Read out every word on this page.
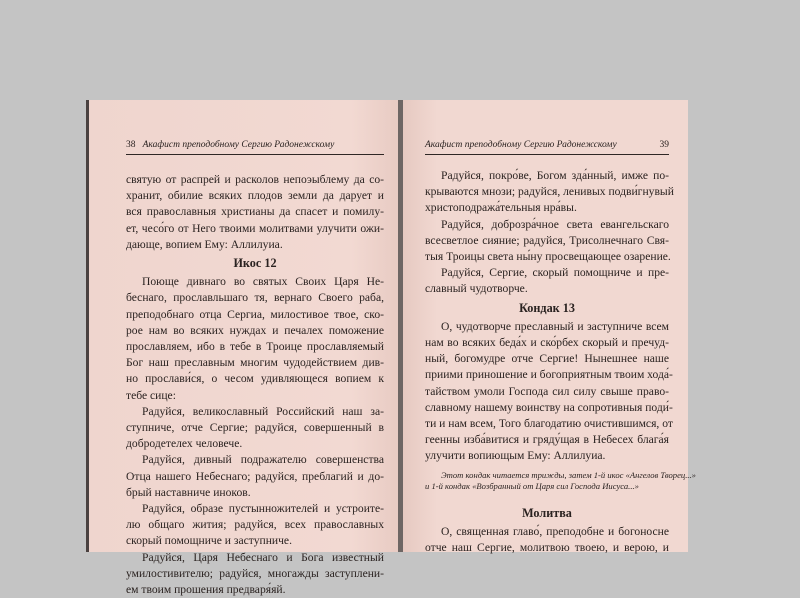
38 Акафист преподобному Сергию Радонежскому
святую от распрей и расколов непоэыблему да со-
хранит, обилие всяких плодов земли да дарует и
вся православныя христианы да спасет и помилу-
ет, чесо́го от Него твоими молитвами улучити ожи-
дающе, вопием Ему: Аллилуиа.
Икос 12
Поюще дивнаго во святых Своих Царя Не-
беснаго, прославльшаго тя, вернаго Своего раба,
преподобнаго отца Сергиа, милостивое твое, ско-
рое нам во всяких нуждах и печалех поможение
прославляем, ибо в тебе в Троице прославляемый
Бог наш преславным многим чудодействием див-
но прослави́ся, о чесом удивляющеся вопием к
тебе сице:
Радуйся, великославный Российский наш за-
ступниче, отче Сергие; радуйся, совершенный в
добродетелех человече.
Радуйся, дивный подражателю совершенства
Отца нашего Небеснаго; радуйся, преблагий и до-
брый наставниче иноков.
Радуйся, образе пустынножителей и устроите-
лю общаго жития; радуйся, всех православных
скорый помощниче и заступниче.
Радуйся, Царя Небеснаго и Бога известный
умилостивителю; радуйся, многажды заступлени-
ем твоим прошения предваря́яй.
Акафист преподобному Сергию Радонежскому	39
Радуйся, покро́ве, Богом зда́нный, имже по-
крываются мнози; радуйся, ленивых подви́гнувый
христоподража́тельныя нра́вы.
Радуйся, доброзра́чное света евангельскаго
всесветлое сияние; радуйся, Трисолнечнаго Свя-
тыя Троицы света ны́ну просвещающее озарение.
Радуйся, Сергие, скорый помощниче и пре-
славный чудотворче.
Кондак 13
О, чудотворче преславный и заступниче всем
нам во всяких беда́х и ско́рбех скорый и пречуд-
ный, богомудре отче Сергие! Нынешнее наше
приими приношение и богоприятным твоим хода́-
тайством умоли Господа сил силу свыше право-
славному нашему воинству на сопротивныя поди́-
ти и нам всем, Того благодатию очистившимся, от
геенны изба́витися и гряду́щая в Небесех блага́я
улучити вопиющым Ему: Аллилуиа.
Этот кондак читается трижды, затем 1-й икос «Ангелов Творец...»
и 1-й кондак «Возбранный от Царя сил Господа Иисуса...»
Молитва
О, священная главо́, преподобне и богоносне
отче наш Сергие, молитвою твоею, и верою, и
